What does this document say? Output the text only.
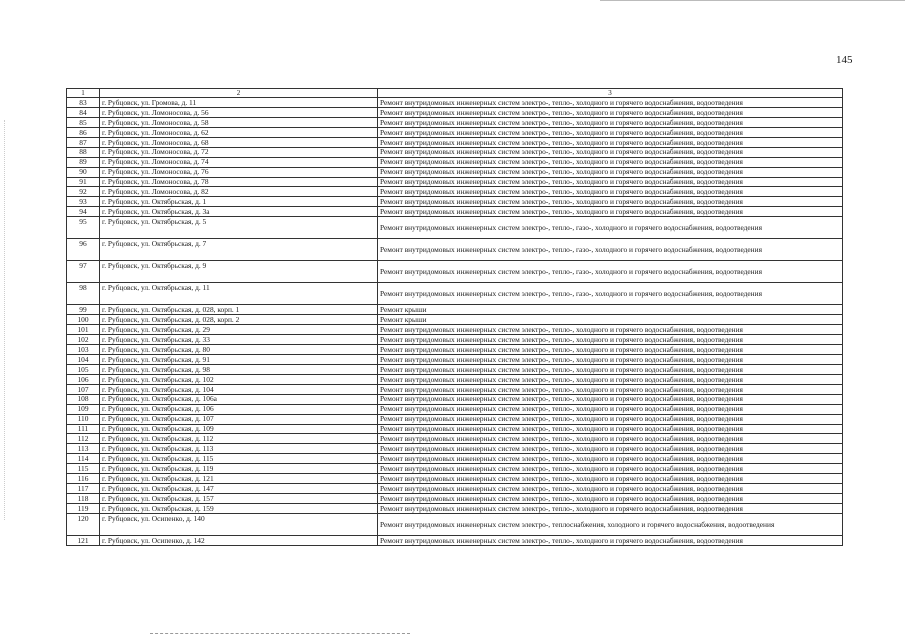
145
1	2	3
83	г. Рубцовск, ул. Громова, д. 11	Ремонт внутридомовых инженерных систем электро-, тепло-, холодного и горячего водоснабжения, водоотведения
84	г. Рубцовск, ул. Ломоносова, д. 56	Ремонт внутридомовых инженерных систем электро-, тепло-, холодного и горячего водоснабжения, водоотведения
85	г. Рубцовск, ул. Ломоносова, д. 58	Ремонт внутридомовых инженерных систем электро-, тепло-, холодного и горячего водоснабжения, водоотведения
86	г. Рубцовск, ул. Ломоносова, д. 62	Ремонт внутридомовых инженерных систем электро-, тепло-, холодного и горячего водоснабжения, водоотведения
87	г. Рубцовск, ул. Ломоносова, д. 68	Ремонт внутридомовых инженерных систем электро-, тепло-, холодного и горячего водоснабжения, водоотведения
88	г. Рубцовск, ул. Ломоносова, д. 72	Ремонт внутридомовых инженерных систем электро-, тепло-, холодного и горячего водоснабжения, водоотведения
89	г. Рубцовск, ул. Ломоносова, д. 74	Ремонт внутридомовых инженерных систем электро-, тепло-, холодного и горячего водоснабжения, водоотведения
90	г. Рубцовск, ул. Ломоносова, д. 76	Ремонт внутридомовых инженерных систем электро-, тепло-, холодного и горячего водоснабжения, водоотведения
91	г. Рубцовск, ул. Ломоносова, д. 78	Ремонт внутридомовых инженерных систем электро-, тепло-, холодного и горячего водоснабжения, водоотведения
92	г. Рубцовск, ул. Ломоносова, д. 82	Ремонт внутридомовых инженерных систем электро-, тепло-, холодного и горячего водоснабжения, водоотведения
93	г. Рубцовск, ул. Октябрьская, д. 1	Ремонт внутридомовых инженерных систем электро-, тепло-, холодного и горячего водоснабжения, водоотведения
94	г. Рубцовск, ул. Октябрьская, д. 3а	Ремонт внутридомовых инженерных систем электро-, тепло-, холодного и горячего водоснабжения, водоотведения
95	г. Рубцовск, ул. Октябрьская, д. 5	Ремонт внутридомовых инженерных систем электро-, тепло-, газо-, холодного и горячего водоснабжения, водоотведения
96	г. Рубцовск, ул. Октябрьская, д. 7	Ремонт внутридомовых инженерных систем электро-, тепло-, газо-, холодного и горячего водоснабжения, водоотведения
97	г. Рубцовск, ул. Октябрьская, д. 9	Ремонт внутридомовых инженерных систем электро-, тепло-, газо-, холодного и горячего водоснабжения, водоотведения
98	г. Рубцовск, ул. Октябрьская, д. 11	Ремонт внутридомовых инженерных систем электро-, тепло-, газо-, холодного и горячего водоснабжения, водоотведения
99	г. Рубцовск, ул. Октябрьская, д. 028, корп. 1	Ремонт крыши
100	г. Рубцовск, ул. Октябрьская, д. 028, корп. 2	Ремонт крыши
101	г. Рубцовск, ул. Октябрьская, д. 29	Ремонт внутридомовых инженерных систем электро-, тепло-, холодного и горячего водоснабжения, водоотведения
102	г. Рубцовск, ул. Октябрьская, д. 33	Ремонт внутридомовых инженерных систем электро-, тепло-, холодного и горячего водоснабжения, водоотведения
103	г. Рубцовск, ул. Октябрьская, д. 80	Ремонт внутридомовых инженерных систем электро-, тепло-, холодного и горячего водоснабжения, водоотведения
104	г. Рубцовск, ул. Октябрьская, д. 91	Ремонт внутридомовых инженерных систем электро-, тепло-, холодного и горячего водоснабжения, водоотведения
105	г. Рубцовск, ул. Октябрьская, д. 98	Ремонт внутридомовых инженерных систем электро-, тепло-, холодного и горячего водоснабжения, водоотведения
106	г. Рубцовск, ул. Октябрьская, д. 102	Ремонт внутридомовых инженерных систем электро-, тепло-, холодного и горячего водоснабжения, водоотведения
107	г. Рубцовск, ул. Октябрьская, д. 104	Ремонт внутридомовых инженерных систем электро-, тепло-, холодного и горячего водоснабжения, водоотведения
108	г. Рубцовск, ул. Октябрьская, д. 106а	Ремонт внутридомовых инженерных систем электро-, тепло-, холодного и горячего водоснабжения, водоотведения
109	г. Рубцовск, ул. Октябрьская, д. 106	Ремонт внутридомовых инженерных систем электро-, тепло-, холодного и горячего водоснабжения, водоотведения
110	г. Рубцовск, ул. Октябрьская, д. 107	Ремонт внутридомовых инженерных систем электро-, тепло-, холодного и горячего водоснабжения, водоотведения
111	г. Рубцовск, ул. Октябрьская, д. 109	Ремонт внутридомовых инженерных систем электро-, тепло-, холодного и горячего водоснабжения, водоотведения
112	г. Рубцовск, ул. Октябрьская, д. 112	Ремонт внутридомовых инженерных систем электро-, тепло-, холодного и горячего водоснабжения, водоотведения
113	г. Рубцовск, ул. Октябрьская, д. 113	Ремонт внутридомовых инженерных систем электро-, тепло-, холодного и горячего водоснабжения, водоотведения
114	г. Рубцовск, ул. Октябрьская, д. 115	Ремонт внутридомовых инженерных систем электро-, тепло-, холодного и горячего водоснабжения, водоотведения
115	г. Рубцовск, ул. Октябрьская, д. 119	Ремонт внутридомовых инженерных систем электро-, тепло-, холодного и горячего водоснабжения, водоотведения
116	г. Рубцовск, ул. Октябрьская, д. 121	Ремонт внутридомовых инженерных систем электро-, тепло-, холодного и горячего водоснабжения, водоотведения
117	г. Рубцовск, ул. Октябрьская, д. 147	Ремонт внутридомовых инженерных систем электро-, тепло-, холодного и горячего водоснабжения, водоотведения
118	г. Рубцовск, ул. Октябрьская, д. 157	Ремонт внутридомовых инженерных систем электро-, тепло-, холодного и горячего водоснабжения, водоотведения
119	г. Рубцовск, ул. Октябрьская, д. 159	Ремонт внутридомовых инженерных систем электро-, тепло-, холодного и горячего водоснабжения, водоотведения
120	г. Рубцовск, ул. Осипенко, д. 140	Ремонт внутридомовых инженерных систем электро-, теплоснабжения, холодного и горячего водоснабжения, водоотведения
121	г. Рубцовск, ул. Осипенко, д. 142	Ремонт внутридомовых инженерных систем электро-, тепло-, холодного и горячего водоснабжения, водоотведения
